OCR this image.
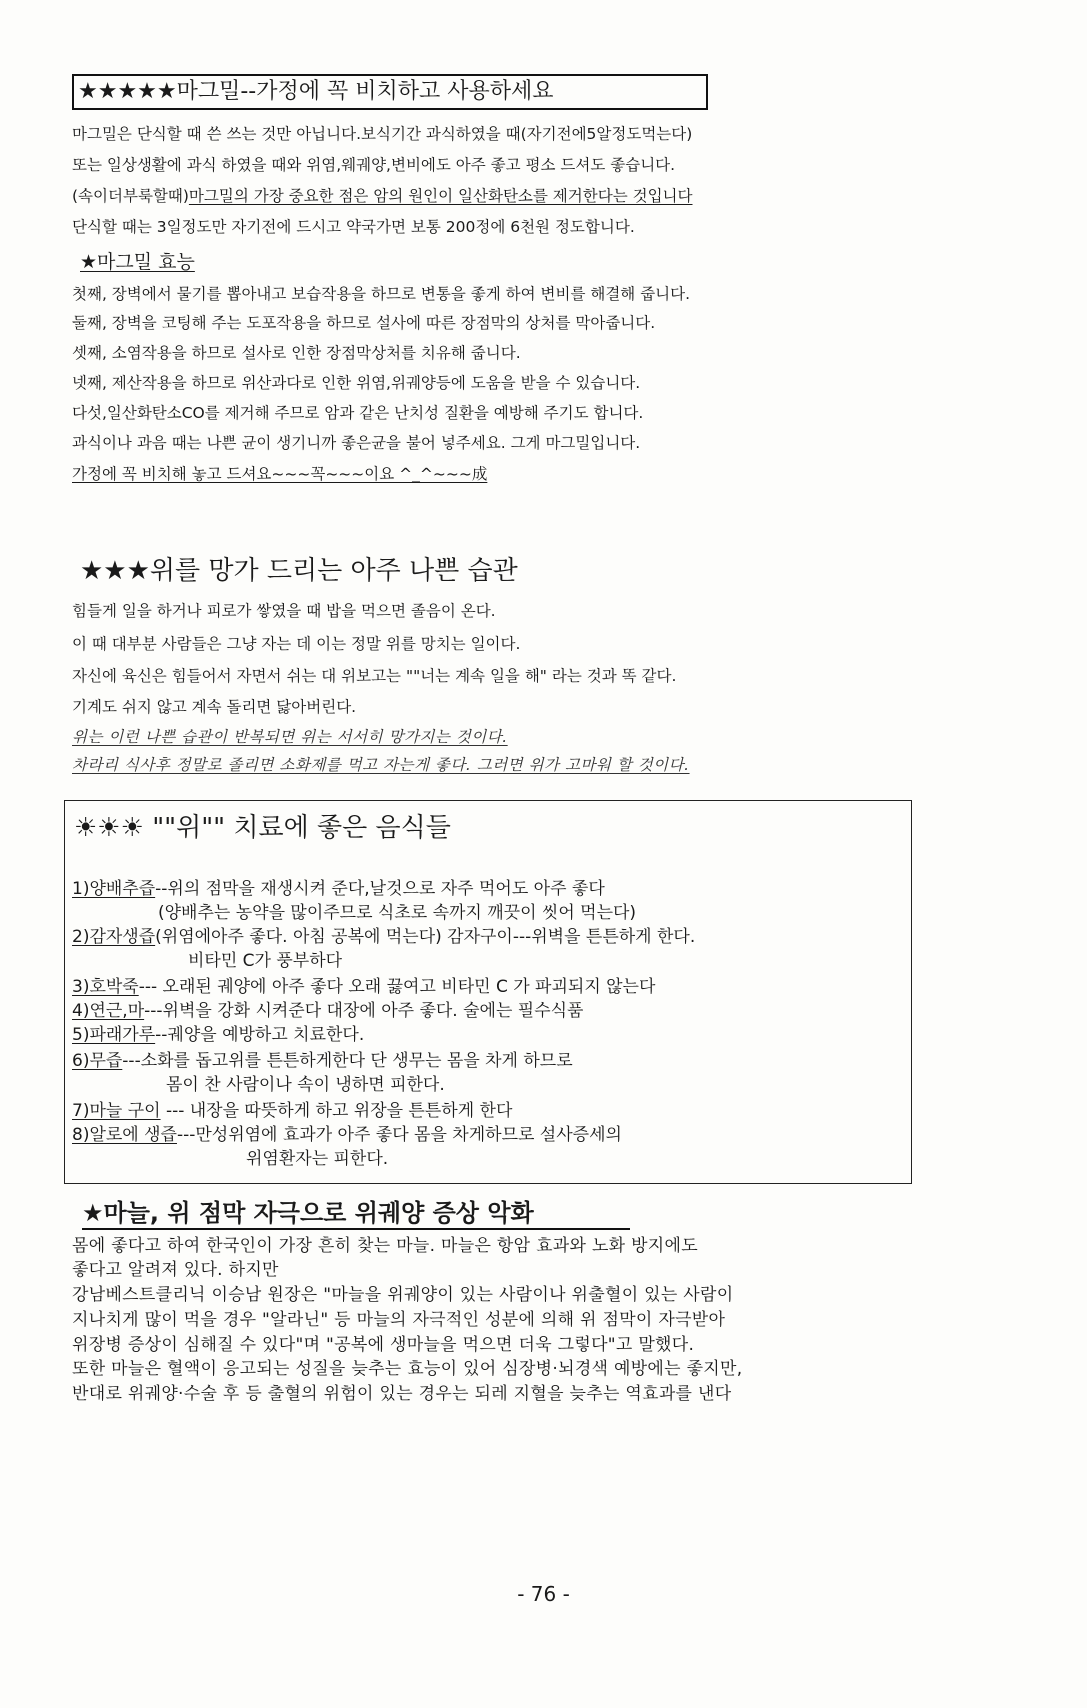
★★★★★마그밀--가정에 꼭 비치하고 사용하세요
마그밀은 단식할 때 쓴 쓰는 것만 아닙니다.보식기간 과식하였을 때(자기전에5알정도먹는다)
또는 일상생활에 과식 하였을 때와 위염,웨궤양,변비에도 아주 좋고 평소 드셔도 좋습니다.
(속이더부룩할때)마그밀의 가장 중요한 점은 암의 원인이 일산화탄소를 제거한다는 것입니다
단식할 때는 3일정도만 자기전에 드시고 약국가면 보통 200정에 6천원 정도합니다.
★마그밀 효능
첫째, 장벽에서 물기를 뽑아내고 보습작용을 하므로 변통을 좋게 하여 변비를 해결해 줍니다.
둘째, 장벽을 코팅해 주는 도포작용을 하므로 설사에 따른 장점막의 상처를 막아줍니다.
셋째, 소염작용을 하므로 설사로 인한 장점막상처를 치유해 줍니다.
넷째, 제산작용을 하므로 위산과다로 인한 위염,위궤양등에 도움을 받을 수 있습니다.
다섯,일산화탄소CO를 제거해 주므로 암과 같은 난치성 질환을 예방해 주기도 합니다.
과식이나 과음 때는 나쁜 균이 생기니까 좋은균을 불어 넣주세요. 그게 마그밀입니다.
가정에 꼭 비치해 놓고 드셔요~~~꼭~~~이요 ^_^~~~成
★★★위를 망가 드리는 아주 나쁜 습관
힘들게 일을 하거나 피로가 쌓였을 때 밥을 먹으면 졸음이 온다.
이 때 대부분 사람들은 그냥 자는 데 이는 정말 위를 망치는 일이다.
자신에 육신은 힘들어서 자면서 쉬는 대 위보고는 ""너는 계속 일을 해" 라는 것과 똑 같다.
기계도 쉬지 않고 계속 돌리면 닳아버린다.
위는 이런 나쁜 습관이 반복되면 위는 서서히 망가지는 것이다.
차라리 식사후 정말로 졸리면 소화제를 먹고 자는게 좋다. 그러면 위가 고마워 할 것이다.
☀☀☀ ""위"" 치료에 좋은 음식들
1)양배추즙--위의 점막을 재생시켜 준다,날것으로 자주 먹어도 아주 좋다
(양배추는 농약을 많이주므로 식초로 속까지 깨끗이 씻어 먹는다)
2)감자생즙(위염에아주 좋다. 아침 공복에 먹는다) 감자구이---위벽을 튼튼하게 한다.
비타민 C가 풍부하다
3)호박죽--- 오래된 궤양에 아주 좋다 오래 끓여고 비타민 C 가 파괴되지 않는다
4)연근,마---위벽을 강화 시켜준다 대장에 아주 좋다. 술에는 필수식품
5)파래가루--궤양을 예방하고 치료한다.
6)무즙---소화를 돕고위를 튼튼하게한다 단 생무는 몸을 차게 하므로
몸이 찬 사람이나 속이 냉하면 피한다.
7)마늘 구이 --- 내장을 따뜻하게 하고 위장을 튼튼하게 한다
8)알로에 생즙---만성위염에 효과가 아주 좋다 몸을 차게하므로 설사증세의
위염환자는 피한다.
★마늘, 위 점막 자극으로 위궤양 증상 악화
몸에 좋다고 하여 한국인이 가장 흔히 찾는 마늘. 마늘은 항암 효과와 노화 방지에도
좋다고 알려져 있다. 하지만
강남베스트클리닉 이승남 원장은 "마늘을 위궤양이 있는 사람이나 위출혈이 있는 사람이
지나치게 많이 먹을 경우 "알라닌" 등 마늘의 자극적인 성분에 의해 위 점막이 자극받아
위장병 증상이 심해질 수 있다"며 "공복에 생마늘을 먹으면 더욱 그렇다"고 말했다.
또한 마늘은 혈액이 응고되는 성질을 늦추는 효능이 있어 심장병·뇌경색 예방에는 좋지만,
반대로 위궤양·수술 후 등 출혈의 위험이 있는 경우는 되레 지혈을 늦추는 역효과를 낸다
- 76 -
